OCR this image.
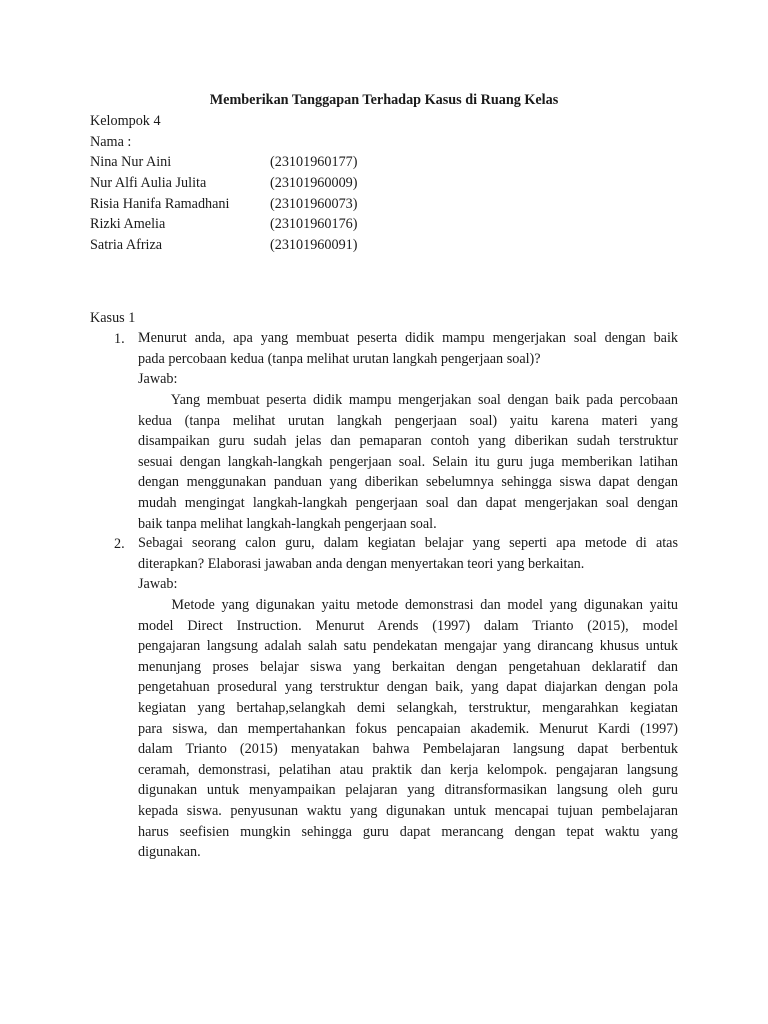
Memberikan Tanggapan Terhadap Kasus di Ruang Kelas
Kelompok 4
Nama :
Nina Nur Aini	(23101960177)
Nur Alfi Aulia Julita	(23101960009)
Risia Hanifa Ramadhani	(23101960073)
Rizki Amelia	(23101960176)
Satria Afriza	(23101960091)
Kasus 1
1. Menurut anda, apa yang membuat peserta didik mampu mengerjakan soal dengan baik
pada percobaan kedua (tanpa melihat urutan langkah pengerjaan soal)?
Jawab:
Yang membuat peserta didik mampu mengerjakan soal dengan baik pada percobaan
kedua (tanpa melihat urutan langkah pengerjaan soal) yaitu karena materi yang
disampaikan guru sudah jelas dan pemaparan contoh yang diberikan sudah terstruktur
sesuai dengan langkah-langkah pengerjaan soal. Selain itu guru juga memberikan latihan
dengan menggunakan panduan yang diberikan sebelumnya sehingga siswa dapat dengan
mudah mengingat langkah-langkah pengerjaan soal dan dapat mengerjakan soal dengan
baik tanpa melihat langkah-langkah pengerjaan soal.
2. Sebagai seorang calon guru, dalam kegiatan belajar yang seperti apa metode di atas
diterapkan? Elaborasi jawaban anda dengan menyertakan teori yang berkaitan.
Jawab:
Metode yang digunakan yaitu metode demonstrasi dan model yang digunakan yaitu
model Direct Instruction. Menurut Arends (1997) dalam Trianto (2015), model
pengajaran langsung adalah salah satu pendekatan mengajar yang dirancang khusus untuk
menunjang proses belajar siswa yang berkaitan dengan pengetahuan deklaratif dan
pengetahuan prosedural yang terstruktur dengan baik, yang dapat diajarkan dengan pola
kegiatan yang bertahap,selangkah demi selangkah, terstruktur, mengarahkan kegiatan
para siswa, dan mempertahankan fokus pencapaian akademik. Menurut Kardi (1997)
dalam Trianto (2015) menyatakan bahwa Pembelajaran langsung dapat berbentuk
ceramah, demonstrasi, pelatihan atau praktik dan kerja kelompok. pengajaran langsung
digunakan untuk menyampaikan pelajaran yang ditransformasikan langsung oleh guru
kepada siswa. penyusunan waktu yang digunakan untuk mencapai tujuan pembelajaran
harus seefisien mungkin sehingga guru dapat merancang dengan tepat waktu yang
digunakan.
